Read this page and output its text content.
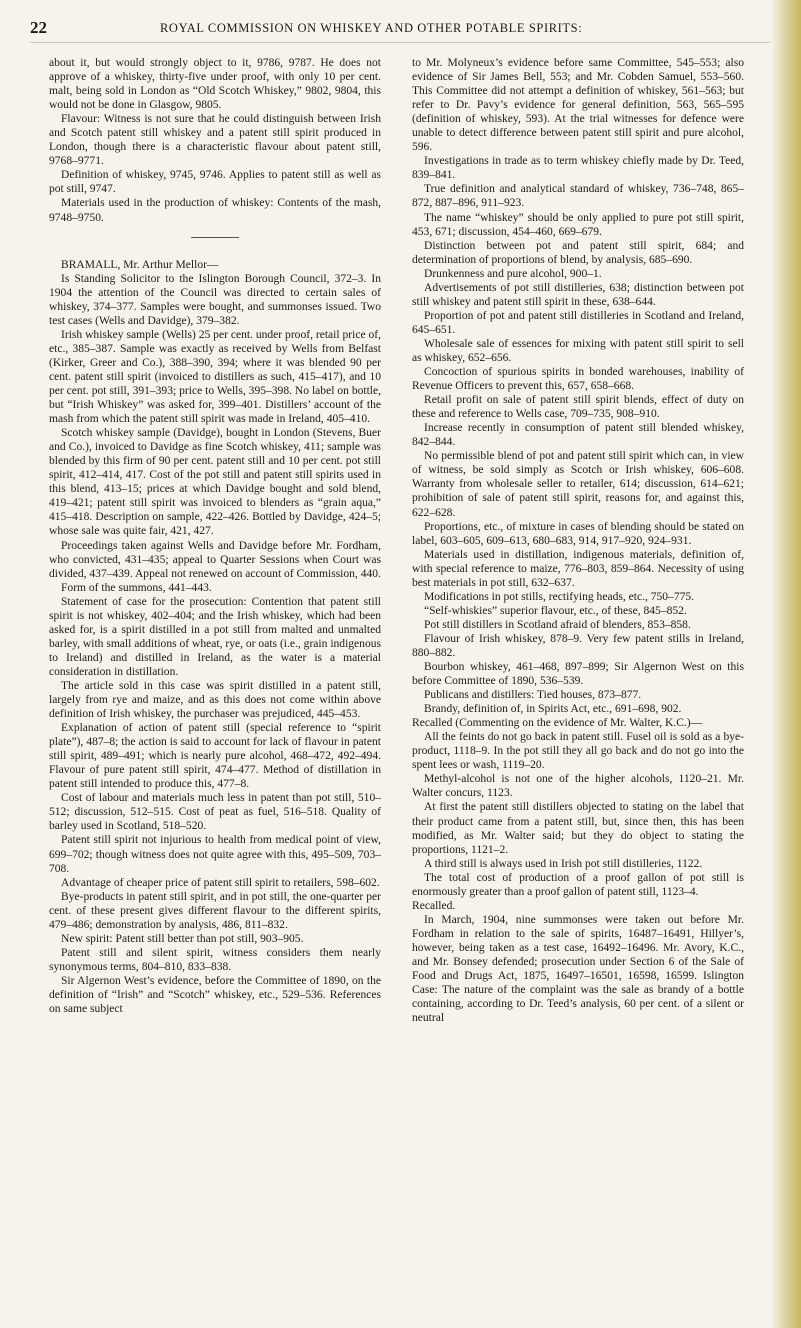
22	ROYAL COMMISSION ON WHISKEY AND OTHER POTABLE SPIRITS:

about it, but would strongly object to it, 9786, 9787. He does not approve of a whiskey, thirty-five under proof, with only 10 per cent. malt, being sold in London as “Old Scotch Whiskey,” 9802, 9804, this would not be done in Glasgow, 9805.

Flavour: Witness is not sure that he could distinguish between Irish and Scotch patent still whiskey and a patent still spirit produced in London, though there is a characteristic flavour about patent still, 9768–9771.

Definition of whiskey, 9745, 9746. Applies to patent still as well as pot still, 9747.

Materials used in the production of whiskey: Contents of the mash, 9748–9750.

BRAMALL, Mr. Arthur Mellor—

Is Standing Solicitor to the Islington Borough Council, 372–3. In 1904 the attention of the Council was directed to certain sales of whiskey, 374–377. Samples were bought, and summonses issued. Two test cases (Wells and Davidge), 379–382.

Irish whiskey sample (Wells) 25 per cent. under proof, retail price of, etc., 385–387. Sample was exactly as received by Wells from Belfast (Kirker, Greer and Co.), 388–390, 394; where it was blended 90 per cent. patent still spirit (invoiced to distillers as such, 415–417), and 10 per cent. pot still, 391–393; price to Wells, 395–398. No label on bottle, but “Irish Whiskey” was asked for, 399–401. Distillers’ account of the mash from which the patent still spirit was made in Ireland, 405–410.

Scotch whiskey sample (Davidge), bought in London (Stevens, Buer and Co.), invoiced to Davidge as fine Scotch whiskey, 411; sample was blended by this firm of 90 per cent. patent still and 10 per cent. pot still spirit, 412–414, 417. Cost of the pot still and patent still spirits used in this blend, 413–15; prices at which Davidge bought and sold blend, 419–421; patent still spirit was invoiced to blenders as “grain aqua,” 415–418. Description on sample, 422–426. Bottled by Davidge, 424–5; whose sale was quite fair, 421, 427.

Proceedings taken against Wells and Davidge before Mr. Fordham, who convicted, 431–435; appeal to Quarter Sessions when Court was divided, 437–439. Appeal not renewed on account of Commission, 440.

Form of the summons, 441–443.

Statement of case for the prosecution: Contention that patent still spirit is not whiskey, 402–404; and the Irish whiskey, which had been asked for, is a spirit distilled in a pot still from malted and unmalted barley, with small additions of wheat, rye, or oats (i.e., grain indigenous to Ireland) and distilled in Ireland, as the water is a material consideration in distillation.

The article sold in this case was spirit distilled in a patent still, largely from rye and maize, and as this does not come within above definition of Irish whiskey, the purchaser was prejudiced, 445–453.

Explanation of action of patent still (special reference to “spirit plate”), 487–8; the action is said to account for lack of flavour in patent still spirit, 489–491; which is nearly pure alcohol, 468–472, 492–494. Flavour of pure patent still spirit, 474–477. Method of distillation in patent still intended to produce this, 477–8.

Cost of labour and materials much less in patent than pot still, 510–512; discussion, 512–515. Cost of peat as fuel, 516–518. Quality of barley used in Scotland, 518–520.

Patent still spirit not injurious to health from medical point of view, 699–702; though witness does not quite agree with this, 495–509, 703–708.

Advantage of cheaper price of patent still spirit to retailers, 598–602.

Bye-products in patent still spirit, and in pot still, the one-quarter per cent. of these present gives different flavour to the different spirits, 479–486; demonstration by analysis, 486, 811–832.

New spirit: Patent still better than pot still, 903–905.

Patent still and silent spirit, witness considers them nearly synonymous terms, 804–810, 833–838.

Sir Algernon West’s evidence, before the Committee of 1890, on the definition of “Irish” and “Scotch” whiskey, etc., 529–536. References on same subject

to Mr. Molyneux’s evidence before same Committee, 545–553; also evidence of Sir James Bell, 553; and Mr. Cobden Samuel, 553–560. This Committee did not attempt a definition of whiskey, 561–563; but refer to Dr. Pavy’s evidence for general definition, 563, 565–595 (definition of whiskey, 593). At the trial witnesses for defence were unable to detect difference between patent still spirit and pure alcohol, 596.

Investigations in trade as to term whiskey chiefly made by Dr. Teed, 839–841.

True definition and analytical standard of whiskey, 736–748, 865–872, 887–896, 911–923.

The name “whiskey” should be only applied to pure pot still spirit, 453, 671; discussion, 454–460, 669–679.

Distinction between pot and patent still spirit, 684; and determination of proportions of blend, by analysis, 685–690.

Drunkenness and pure alcohol, 900–1.

Advertisements of pot still distilleries, 638; distinction between pot still whiskey and patent still spirit in these, 638–644.

Proportion of pot and patent still distilleries in Scotland and Ireland, 645–651.

Wholesale sale of essences for mixing with patent still spirit to sell as whiskey, 652–656.

Concoction of spurious spirits in bonded warehouses, inability of Revenue Officers to prevent this, 657, 658–668.

Retail profit on sale of patent still spirit blends, effect of duty on these and reference to Wells case, 709–735, 908–910.

Increase recently in consumption of patent still blended whiskey, 842–844.

No permissible blend of pot and patent still spirit which can, in view of witness, be sold simply as Scotch or Irish whiskey, 606–608. Warranty from wholesale seller to retailer, 614; discussion, 614–621; prohibition of sale of patent still spirit, reasons for, and against this, 622–628.

Proportions, etc., of mixture in cases of blending should be stated on label, 603–605, 609–613, 680–683, 914, 917–920, 924–931.

Materials used in distillation, indigenous materials, definition of, with special reference to maize, 776–803, 859–864. Necessity of using best materials in pot still, 632–637.

Modifications in pot stills, rectifying heads, etc., 750–775.

“Self-whiskies” superior flavour, etc., of these, 845–852.

Pot still distillers in Scotland afraid of blenders, 853–858.

Flavour of Irish whiskey, 878–9. Very few patent stills in Ireland, 880–882.

Bourbon whiskey, 461–468, 897–899; Sir Algernon West on this before Committee of 1890, 536–539.

Publicans and distillers: Tied houses, 873–877.

Brandy, definition of, in Spirits Act, etc., 691–698, 902.

Recalled (Commenting on the evidence of Mr. Walter, K.C.)—

All the feints do not go back in patent still. Fusel oil is sold as a bye-product, 1118–9. In the pot still they all go back and do not go into the spent lees or wash, 1119–20.

Methyl-alcohol is not one of the higher alcohols, 1120–21. Mr. Walter concurs, 1123.

At first the patent still distillers objected to stating on the label that their product came from a patent still, but, since then, this has been modified, as Mr. Walter said; but they do object to stating the proportions, 1121–2.

A third still is always used in Irish pot still distilleries, 1122.

The total cost of production of a proof gallon of pot still is enormously greater than a proof gallon of patent still, 1123–4.

Recalled.

In March, 1904, nine summonses were taken out before Mr. Fordham in relation to the sale of spirits, 16487–16491, Hillyer’s, however, being taken as a test case, 16492–16496. Mr. Avory, K.C., and Mr. Bonsey defended; prosecution under Section 6 of the Sale of Food and Drugs Act, 1875, 16497–16501, 16598, 16599. Islington Case: The nature of the complaint was the sale as brandy of a bottle containing, according to Dr. Teed’s analysis, 60 per cent. of a silent or neutral
